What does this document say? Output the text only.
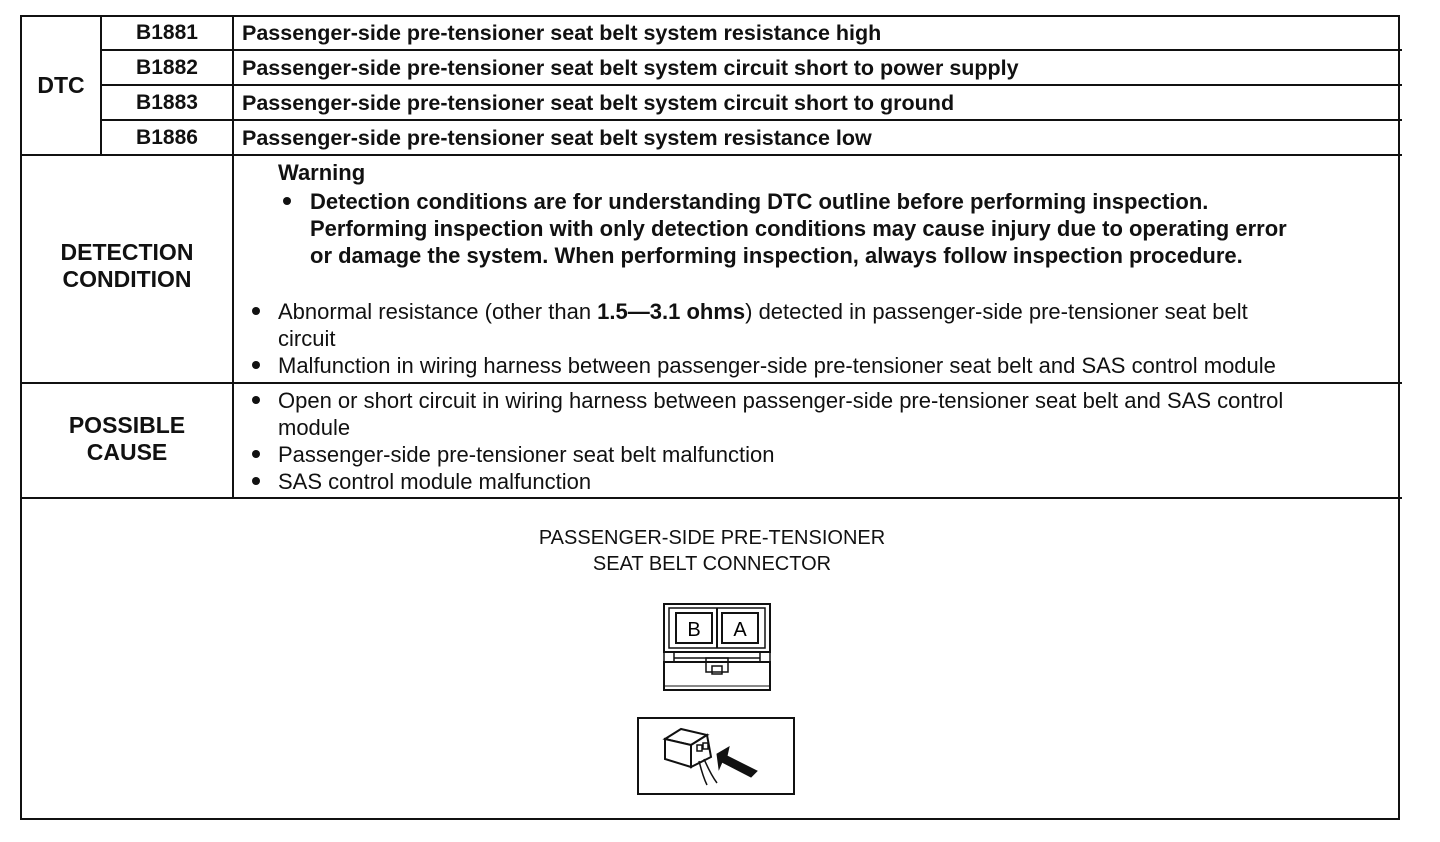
DTC
B1881	Passenger-side pre-tensioner seat belt system resistance high
B1882	Passenger-side pre-tensioner seat belt system circuit short to power supply
B1883	Passenger-side pre-tensioner seat belt system circuit short to ground
B1886	Passenger-side pre-tensioner seat belt system resistance low
DETECTION
CONDITION
Warning
Detection conditions are for understanding DTC outline before performing inspection.
Performing inspection with only detection conditions may cause injury due to operating error
or damage the system. When performing inspection, always follow inspection procedure.
Abnormal resistance (other than 1.5—3.1 ohms) detected in passenger-side pre-tensioner seat belt
circuit
Malfunction in wiring harness between passenger-side pre-tensioner seat belt and SAS control module
POSSIBLE
CAUSE
Open or short circuit in wiring harness between passenger-side pre-tensioner seat belt and SAS control
module
Passenger-side pre-tensioner seat belt malfunction
SAS control module malfunction
PASSENGER-SIDE PRE-TENSIONER
SEAT BELT CONNECTOR
B A
